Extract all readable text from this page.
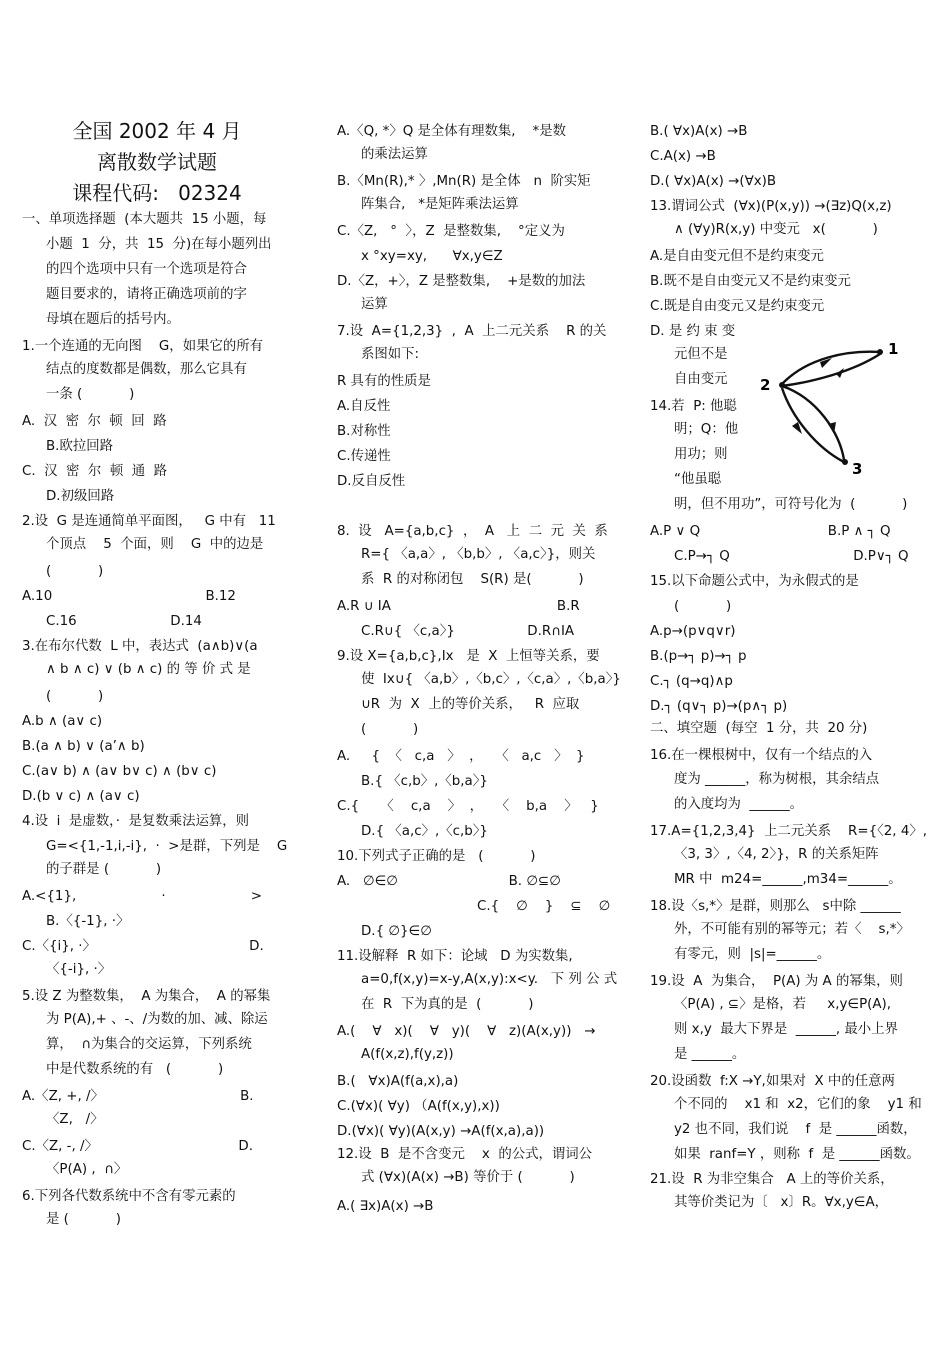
全国 2002 年 4 月
离散数学试题
课程代码:   02324
一、单项选择题  (本大题共  15 小题，每
小题  1  分，共  15  分)在每小题列出
的四个选项中只有一个选项是符合
题目要求的，请将正确选项前的字
母填在题后的括号内。
1.一个连通的无向图    G，如果它的所有
结点的度数都是偶数，那么它具有
一条 (           )
A.  汉  密  尔  顿  回  路
B.欧拉回路
C.  汉  密  尔  顿  通  路
D.初级回路
2.设  G 是连通简单平面图，   G 中有   11
个顶点    5  个面，则    G  中的边是
(           )
A.10                                    B.12
C.16                      D.14
3.在布尔代数  L 中，表达式  (a∧b)∨(a
∧ b ∧ c) ∨ (b ∧ c) 的 等 价 式 是
(           )
A.b ∧ (a∨ c)
B.(a ∧ b) ∨ (a’∧ b)
C.(a∨ b) ∧ (a∨ b∨ c) ∧ (b∨ c)
D.(b ∨ c) ∧ (a∨ c)
4.设  i  是虚数，·  是复数乘法运算，则
G=<{1,-1,i,-i},  ·  >是群，下列是    G
的子群是 (           )
A.<{1},                    ·                    >
B.〈{-1}, ·〉
C.〈{i}, ·〉                                    D.
〈{-i}, ·〉
5.设 Z 为整数集，  A 为集合，  A 的幂集
为 P(A),+ 、-、/为数的加、减、除运
算，  ∩为集合的交运算，下列系统
中是代数系统的有   (           )
A.〈Z, +, /〉                                B.
〈Z,   /〉
C.〈Z, -, /〉                                 D.
〈P(A) ,  ∩〉
6.下列各代数系统中不含有零元素的
是 (           )
A.〈Q, *〉Q 是全体有理数集,    *是数
的乘法运算
B.〈Mn(R),* 〉,Mn(R) 是全体   n  阶实矩
阵集合,   *是矩阵乘法运算
C.〈Z,   °  〉，Z  是整数集,    °定义为
x °xy=xy,      ∀x,y∈Z
D.〈Z，+〉，Z 是整数集,    +是数的加法
运算
7.设  A={1,2,3}  ,  A  上二元关系    R 的关
系图如下:
R 具有的性质是
A.自反性
B.对称性
C.传递性
D.反自反性
8.  设   A={a,b,c}  ，  A   上  二  元  关  系
R={ 〈a,a〉, 〈b,b〉, 〈a,c〉}，则关
系  R 的对称闭包    S(R) 是(           )
A.R ∪ IA                                       B.R
C.R∪{ 〈c,a〉}                 D.R∩IA
9.设 X={a,b,c},Ix   是  X  上恒等关系，要
使  Ix∪{ 〈a,b〉,〈b,c〉,〈c,a〉,〈b,a〉}
∪R  为  X  上的等价关系，   R  应取
(           )
A.     {  〈   c,a   〉  ，   〈   a,c   〉  }
B.{ 〈c,b〉,〈b,a〉}
C.{     〈    c,a    〉  ，   〈    b,a    〉   }
D.{ 〈a,c〉,〈c,b〉}
10.下列式子正确的是   (           )
A.   ∅∈∅                          B. ∅⊆∅
C.{    ∅    }    ⊆    ∅
D.{ ∅}∈∅
11.设解释  R 如下：论域   D 为实数集,
a=0,f(x,y)=x-y,A(x,y):x<y.   下 列 公 式
在  R  下为真的是  (           )
A.(    ∀   x)(    ∀   y)(    ∀   z)(A(x,y))   →
A(f(x,z),f(y,z))
B.(   ∀x)A(f(a,x),a)
C.(∀x)( ∀y) （A(f(x,y),x))
D.(∀x)( ∀y)(A(x,y) →A(f(x,a),a))
12.设  B  是不含变元    x  的公式，谓词公
式 (∀x)(A(x) →B) 等价于 (           )
A.( ∃x)A(x) →B
B.( ∀x)A(x) →B
C.A(x) →B
D.( ∀x)A(x) →(∀x)B
13.谓词公式  (∀x)(P(x,y)) →(∃z)Q(x,z)
∧ (∀y)R(x,y) 中变元   x(           )
A.是自由变元但不是约束变元
B.既不是自由变元又不是约束变元
C.既是自由变元又是约束变元
D. 是 约 束 变
元但不是
自由变元
14.若  P: 他聪
明；Q：他
用功；则
“他虽聪
明，但不用功”，可符号化为  (           )
A.P ∨ Q                              B.P ∧ ┐ Q
C.P→┐ Q                             D.P∨┐ Q
15.以下命题公式中，为永假式的是
(           )
A.p→(p∨q∨r)
B.(p→┐ p)→┐ p
C.┐ (q→q)∧p
D.┐ (q∨┐ p)→(p∧┐ p)
二、填空题  (每空  1 分，共  20 分)
16.在一棵根树中，仅有一个结点的入
度为 ______，称为树根，其余结点
的入度均为  ______。
17.A={1,2,3,4}  上二元关系    R={〈2, 4〉,
〈3, 3〉,〈4, 2〉}，R 的关系矩阵
MR 中  m24=______,m34=______。
18.设〈s,*〉是群，则那么   s中除 ______
外，不可能有别的幂等元；若〈    s,*〉
有零元，则  |s|=______。
19.设  A  为集合，  P(A) 为 A 的幂集，则
〈P(A) , ⊆〉是格，若     x,y∈P(A),
则 x,y  最大下界是  ______, 最小上界
是 ______。
20.设函数  f:X →Y,如果对  X 中的任意两
个不同的    x1 和  x2，它们的象    y1 和
y2 也不同，我们说    f  是 ______函数，
如果  ranf=Y ，则称  f  是 ______函数。
21.设  R 为非空集合   A 上的等价关系，
其等价类记为〔   x〕R。∀x,y∈A，
1
2
3
